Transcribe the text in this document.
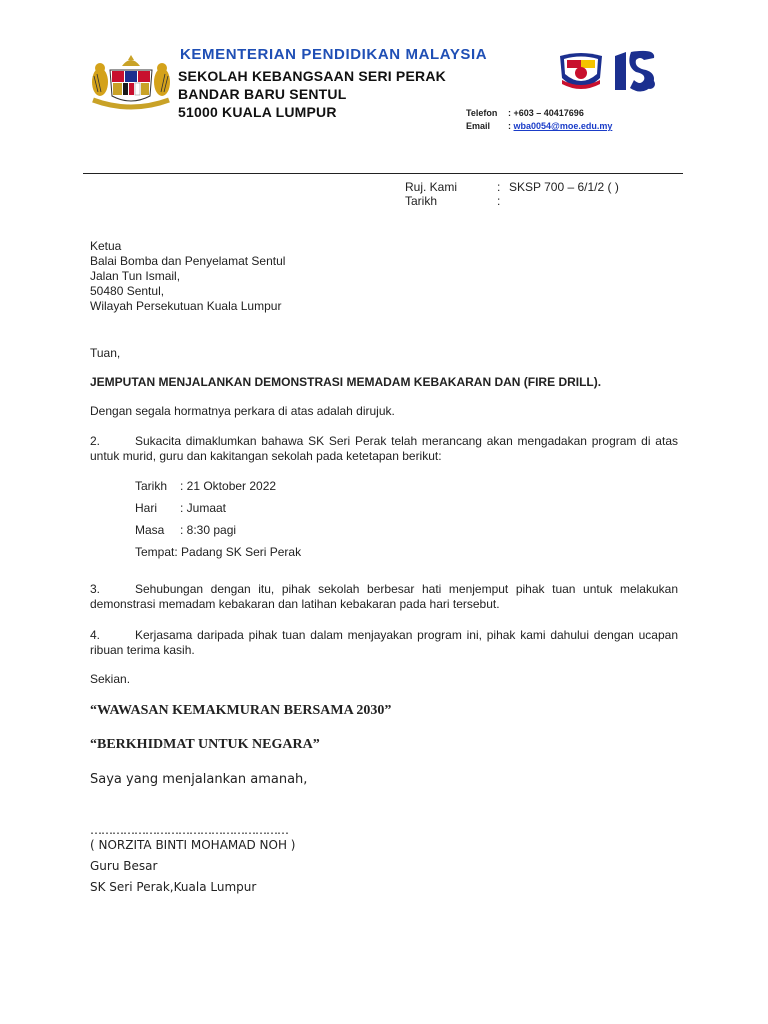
KEMENTERIAN PENDIDIKAN MALAYSIA
SEKOLAH KEBANGSAAN SERI PERAK
BANDAR BARU SENTUL
51000 KUALA LUMPUR	Telefon : +603 – 40417696
Email : wba0054@moe.edu.my
Ruj. Kami	: SKSP 700 – 6/1/2 ( )
Tarikh	:
Ketua
Balai Bomba dan Penyelamat Sentul
Jalan Tun Ismail,
50480 Sentul,
Wilayah Persekutuan Kuala Lumpur
Tuan,
JEMPUTAN MENJALANKAN DEMONSTRASI MEMADAM KEBAKARAN DAN (FIRE DRILL).
Dengan segala hormatnya perkara di atas adalah dirujuk.
2.	Sukacita dimaklumkan bahawa SK Seri Perak telah merancang akan mengadakan program di atas untuk murid, guru dan kakitangan sekolah pada ketetapan berikut:
Tarikh : 21 Oktober 2022
Hari : Jumaat
Masa : 8:30 pagi
Tempat: Padang SK Seri Perak
3.	Sehubungan dengan itu, pihak sekolah berbesar hati menjemput pihak tuan untuk melakukan demonstrasi memadam kebakaran dan latihan kebakaran pada hari tersebut.
4.	Kerjasama daripada pihak tuan dalam menjayakan program ini, pihak kami dahului dengan ucapan ribuan terima kasih.
Sekian.
“WAWASAN KEMAKMURAN BERSAMA 2030”
“BERKHIDMAT UNTUK NEGARA”
Saya yang menjalankan amanah,
………………………………………………
( NORZITA BINTI MOHAMAD NOH )
Guru Besar
SK Seri Perak,Kuala Lumpur
